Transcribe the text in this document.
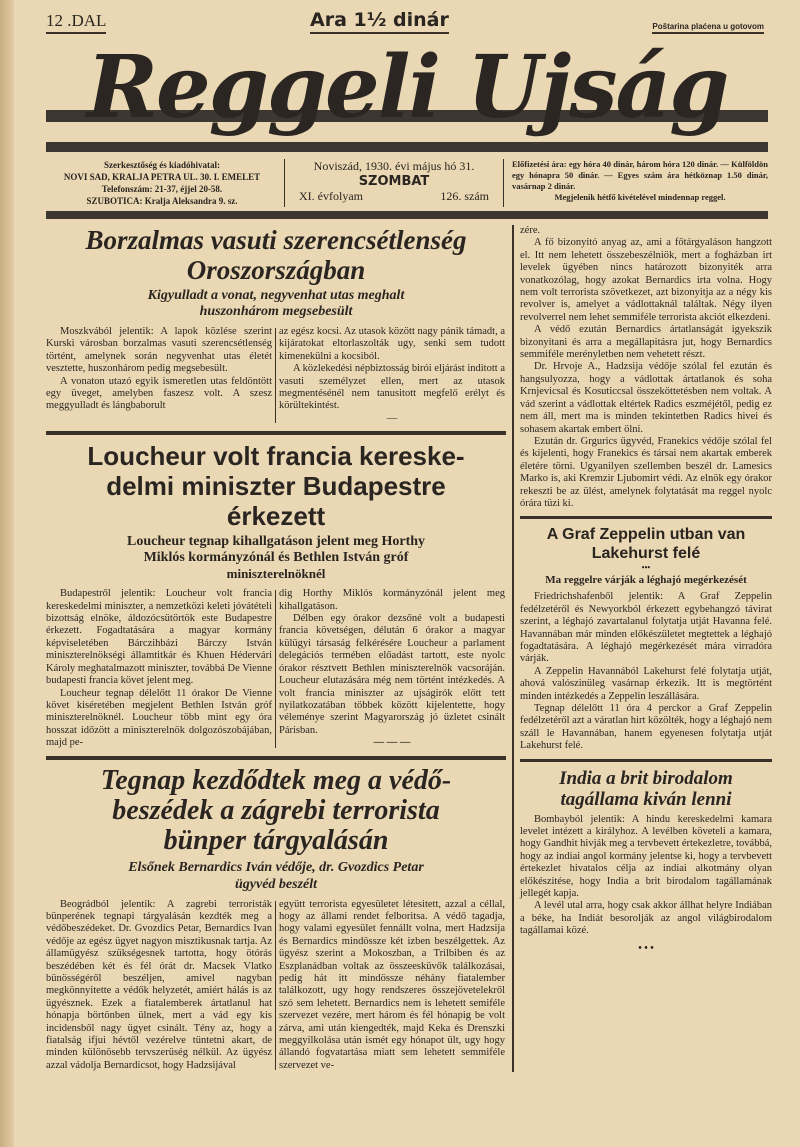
12 .DAL	Ara 1½ dinár	Poštarina plaćena u gotovom
Reggeli Ujság
Szerkesztőség és kiadóhivatal:
NOVI SAD, KRALJA PETRA UL. 30. I. EMELET
Telefonszám: 21-37, éjjel 20-58.
SZUBOTICA: Kralja Aleksandra 9. sz.
Noviszád, 1930. évi május hó 31.
SZOMBAT
XI. évfolyam	126. szám
Előfizetési ára: egy hóra 40 dinár, három hóra 120 dinár. — Külföldön egy hónapra 50 dinár. — Egyes szám ára hétköznap 1.50 dinár, vasárnap 2 dinár.
Megjelenik hétfő kivételével mindennap reggel.
Borzalmas vasuti szerencsétlenség
Oroszországban
Kigyulladt a vonat, negyvenhat utas meghalt
huszonhárom megsebesült

Moszkvából jelentik: A lapok közlése szerint Kurski városban borzalmas vasuti szerencsétlenség történt, amelynek során negyvenhat utas életét vesztette, huszonhárom pedig megsebesült.

A vonaton utazó egyik ismeretlen utas feldöntött egy üveget, amelyben faszesz volt. A szesz meggyulladt és lángbaborult

az egész kocsi. Az utasok között nagy pánik támadt, a kijáratokat eltorlaszolták ugy, senki sem tudott kimenekülni a kocsiból.

A közlekedési népbiztosság birói eljárást inditott a vasuti személyzet ellen, mert az utasok megmentésénél nem tanusitott megfelő erélyt és körültekintést.

—
Loucheur volt francia kereske-
delmi miniszter Budapestre
érkezett
Loucheur tegnap kihallgatáson jelent meg Horthy
Miklós kormányzónál és Bethlen István gróf
miniszterelnöknél

Budapestről jelentik: Loucheur volt francia kereskedelmi miniszter, a nemzetközi keleti jóvátételi bizottság elnöke, áldozócsütörtök este Budapestre érkezett. Fogadtatására a magyar kormány képviseletében Bárczihbázi Bárczy István miniszterelnökségi államtitkár és Khuen Hédervári Károly meghatalmazott miniszter, továbbá De Vienne budapesti francia követ jelent meg.

Loucheur tegnap délelőtt 11 órakor De Vienne követ kiséretében megjelent Bethlen István gróf miniszterelnöknél. Loucheur több mint egy óra hosszat időzött a miniszterelnök dolgozószobájában, majd pe-

dig Horthy Miklós kormányzónál jelent meg kihallgatáson.

Délben egy órakor dezsőné volt a budapesti francia követségen, délután 6 órakor a magyar külügyi társaság felkérésére Loucheur a parlament delegációs termében előadást tartott, este nyolc órakor résztvett Bethlen miniszterelnök vacsoráján. Loucheur elutazására még nem történt intézkedés. A volt francia miniszter az ujságirók előtt tett nyilatkozatában többek között kijelentette, hogy véleménye szerint Magyarország jó üzletet csinált Párisban.

— — —
Tegnap kezdődtek meg a védő-
beszédek a zágrebi terrorista
bünper tárgyalásán
Elsőnek Bernardics Iván védője, dr. Gvozdics Petar
ügyvéd beszélt

Beográdból jelentik: A zagrebi terroristák bünperének tegnapi tárgyalásán kezdték meg a védőbeszédeket. Dr. Gvozdics Petar, Bernardics Ivan védője az egész ügyet nagyon misztikusnak tartja. Az államügyész szükségesnek tartotta, hogy ötórás beszédében két és fél órát dr. Macsek Vlatko bünösségéről beszéljen, amivel nagyban megkönnyitette a védők helyzetét, amiért hálás is az ügyésznek. Ezek a fiatalemberek ártatlanul hat hónapja börtönben ülnek, mert a vád egy kis incidensből nagy ügyet csinált. Tény az, hogy a fiatalság ifjui hévtől vezérelve tüntetni akart, de minden különösebb tervszerüség nélkül. Az ügyész azzal vádolja Bernardicsot, hogy Hadzsijával

együtt terrorista egyesületet létesitett, azzal a céllal, hogy az állami rendet felboritsa. A védő tagadja, hogy valami egyesület fennállt volna, mert Hadzsija és Bernardics mindössze két izben beszélgettek. Az ügyész szerint a Mokoszban, a Trilbiben és az Eszplanádban voltak az összeesküvők találkozásai, pedig hát itt mindössze néhány fiatalember találkozott, ugy hogy rendszeres összejövetelekről szó sem lehetett. Bernardics nem is lehetett semiféle szervezet vezére, mert három és fél hónapig be volt zárva, ami után kiengedték, majd Keka és Drenszki meggyilkolása után ismét egy hónapot ült, ugy hogy állandó fogvatartása miatt sem lehetett semmiféle szervezet ve-

zére.

A fő bizonyitó anyag az, ami a főtárgyaláson hangzott el. Itt nem lehetett összebeszélniök, mert a fogházban irt levelek ügyében nincs határozott bizonyiték arra vonatkozólag, hogy azokat Bernardics irta volna. Hogy nem volt terrorista szövetkezet, azt bizonyitja az a négy kis revolver is, amelyet a vádlottaknál találtak. Négy ilyen revolverrel nem lehet semmiféle terrorista akciót elkezdeni.

A védő ezután Bernardics ártatlanságát igyekszik bizonyitani és arra a megállapitásra jut, hogy Bernardics semmiféle merényletben nem vehetett részt.

Dr. Hrvoje A., Hadzsija védője szólal fel ezután és hangsulyozza, hogy a vádlottak ártatlanok és soha Krnjevicsal és Kosuticcsal összeköttetésben nem voltak. A vád szerint a vádlottak eltértek Radics eszméjétől, pedig ez nem áll, mert ma is minden tekintetben Radics hivei és sohasem akartak embert ölni.

Ezután dr. Grgurics ügyvéd, Franekics védője szólal fel és kijelenti, hogy Franekics és társai nem akartak emberek életére törni. Ugyanilyen szellemben beszél dr. Lamesics Marko is, aki Kremzir Ljubomirt védi. Az elnök egy órakor rekeszti be az ülést, amelynek folytatását ma reggel nyolc órára tüzi ki.

A Graf Zeppelin utban van
Lakehurst felé
•••
Ma reggelre várják a léghajó megérkezését

Friedrichshafenből jelentik: A Graf Zeppelin fedélzetéről és Newyorkból érkezett egybehangzó távirat szerint, a léghajó zavartalanul folytatja utját Havanna felé. Havannában már minden előkészületet megtettek a léghajó fogadtatására. A léghajó megérkezését mára virradóra várják.

A Zeppelin Havannából Lakehurst felé folytatja utját, ahová valószinüleg vasárnap érkezik. Itt is megtörtént minden intézkedés a Zeppelin leszállására.

Tegnap délelőtt 11 óra 4 perckor a Graf Zeppelin fedélzetéről azt a váratlan hirt közölték, hogy a léghajó nem száll le Havannában, hanem egyenesen folytatja utját Lakehurst felé.

India a brit birodalom
tagállama kiván lenni

Bombayból jelentik: A hindu kereskedelmi kamara levelet intézett a királyhoz. A levélben követeli a kamara, hogy Gandhit hivják meg a tervbevett értekezletre, továbbá, hogy az indiai angol kormány jelentse ki, hogy a tervbevett értekezlet hivatalos célja az indiai alkotmány olyan előkészitése, hogy India a brit birodalom tagállamának jellegét kapja.

A levél utal arra, hogy csak akkor állhat helyre Indiában a béke, ha Indiát besorolják az angol világbirodalom tagállamai közé.

• • •
